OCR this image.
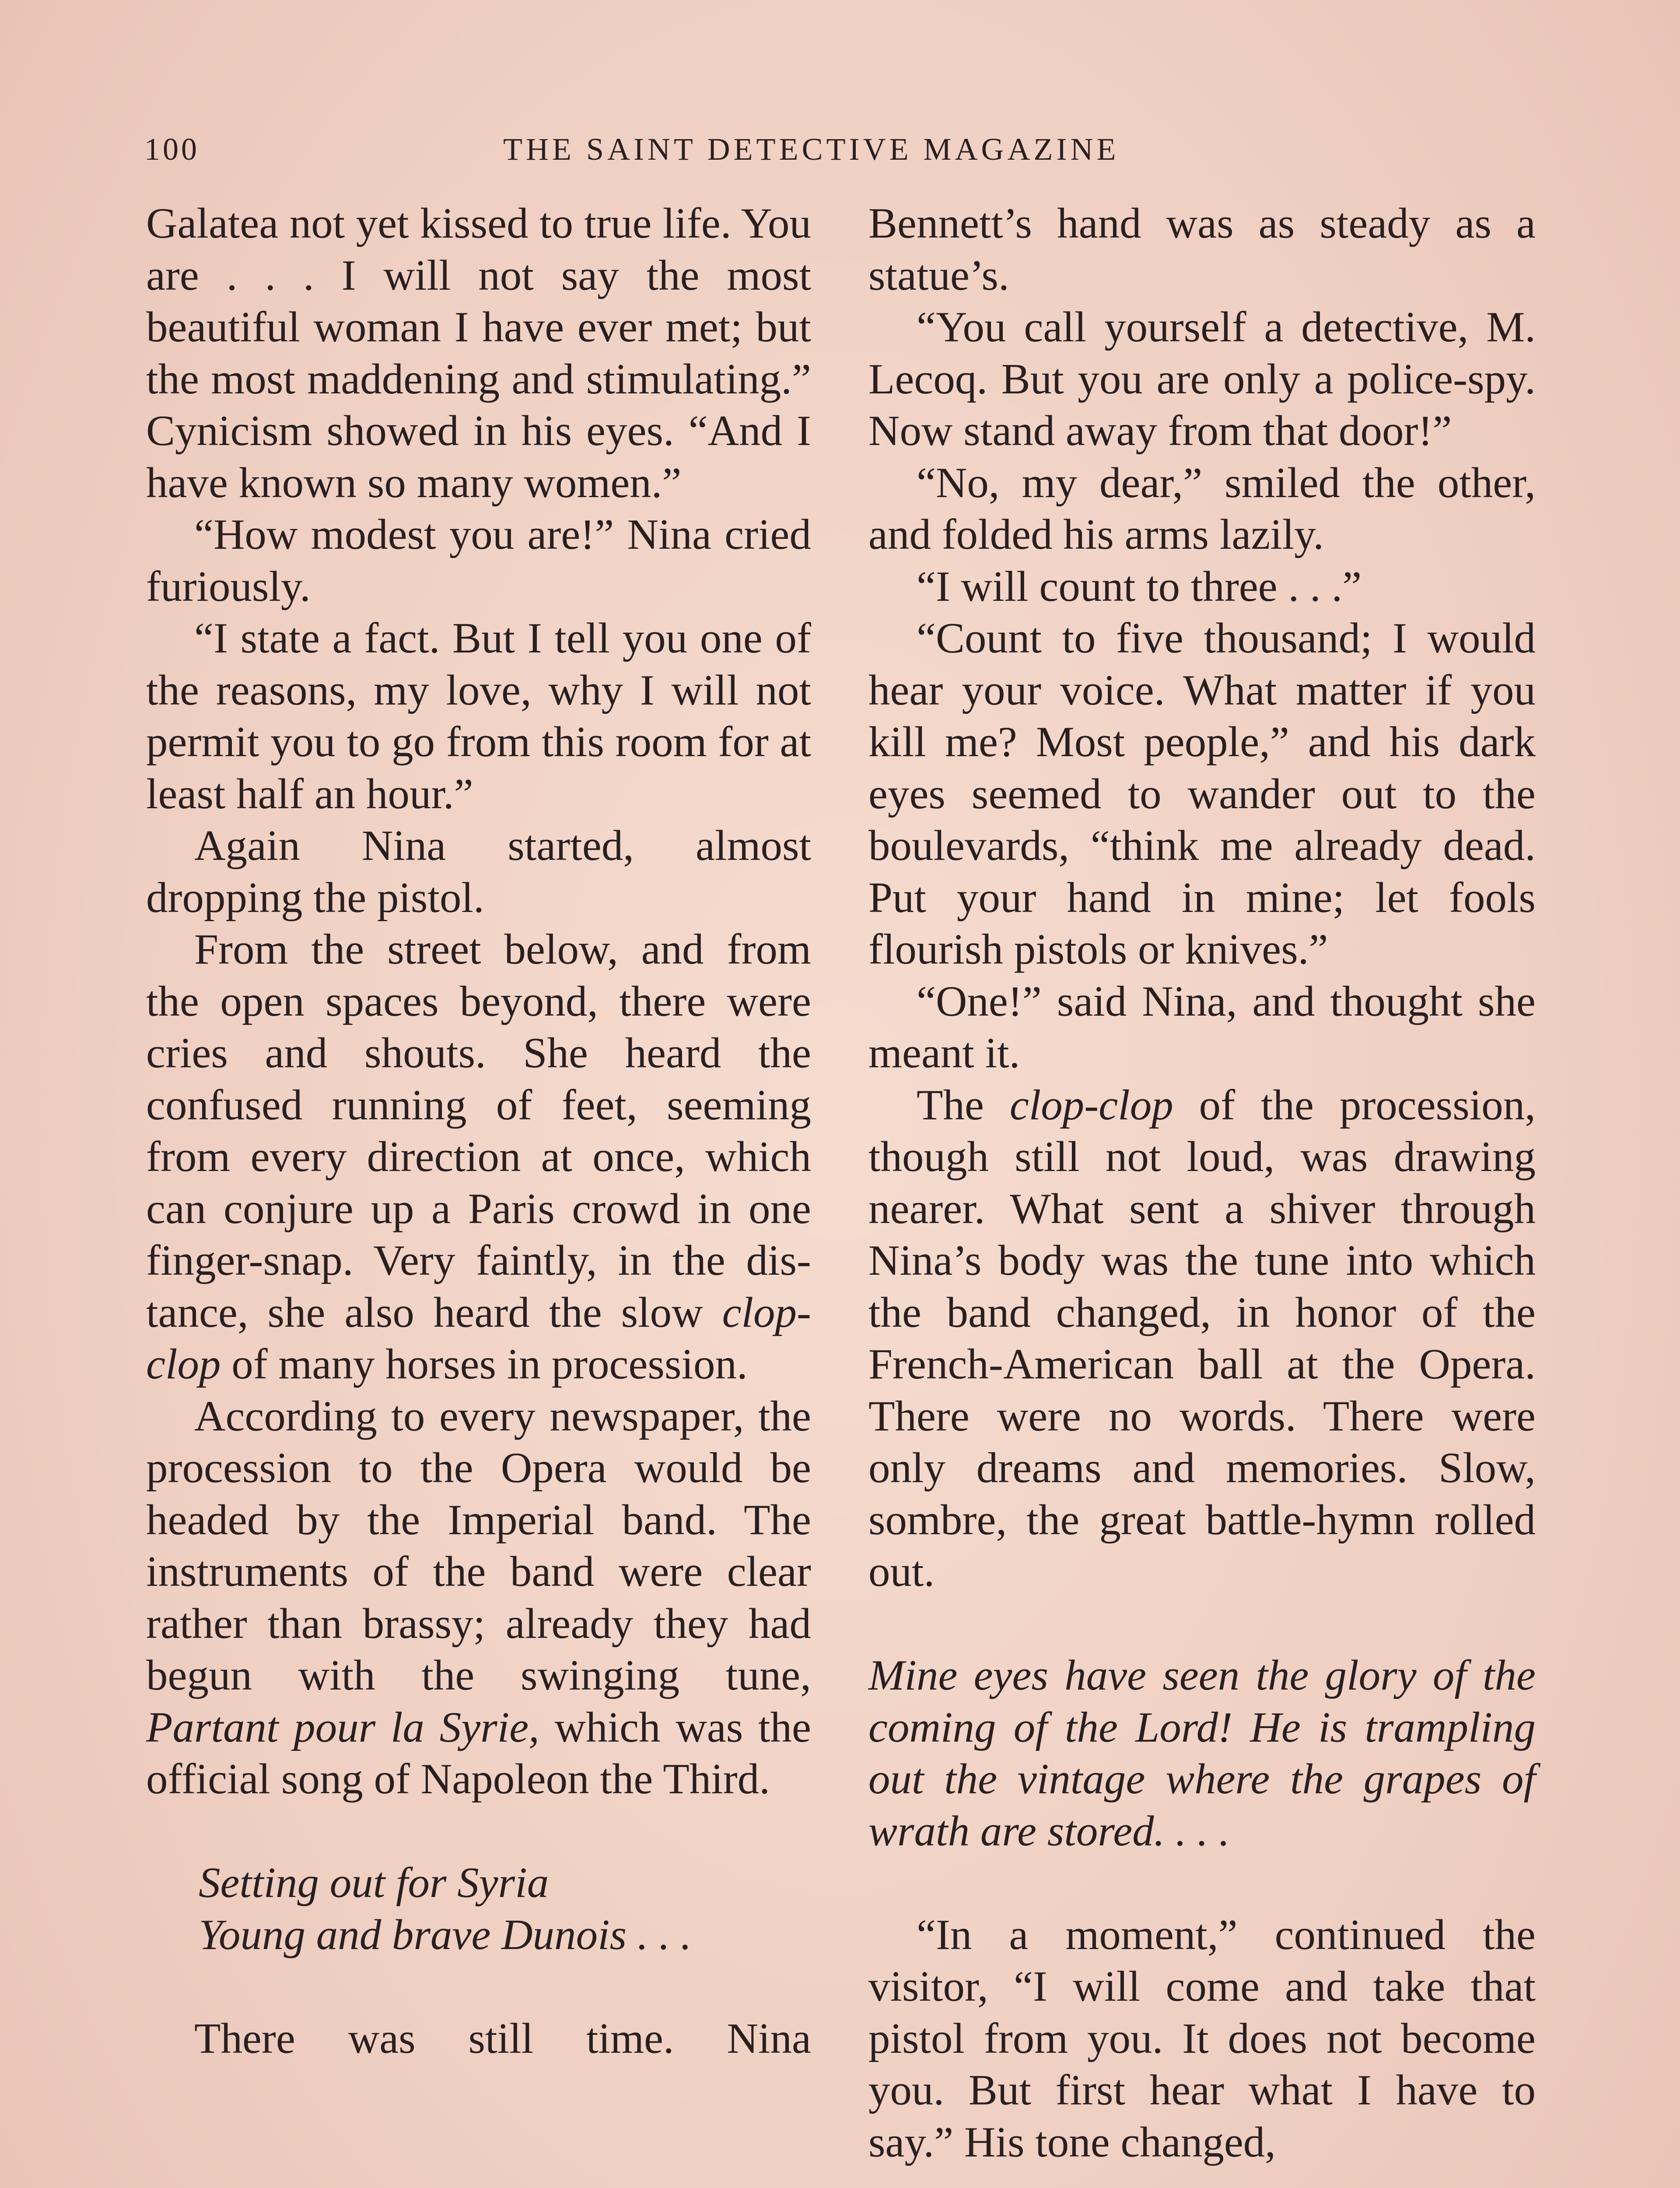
100	THE SAINT DETECTIVE MAGAZINE

Galatea not yet kissed to true life. You are . . . I will not say the most beautiful woman I have ever met; but the most maddening and stimulating.” Cynicism showed in his eyes. “And I have known so many women.”

“How modest you are!” Nina cried furiously.

“I state a fact. But I tell you one of the reasons, my love, why I will not permit you to go from this room for at least half an hour.”

Again Nina started, almost dropping the pistol.

From the street below, and from the open spaces beyond, there were cries and shouts. She heard the confused running of feet, seeming from every direction at once, which can conjure up a Paris crowd in one finger-snap. Very faintly, in the distance, she also heard the slow clop-clop of many horses in procession.

According to every newspaper, the procession to the Opera would be headed by the Imperial band. The instruments of the band were clear rather than brassy; already they had begun with the swinging tune, Partant pour la Syrie, which was the official song of Napoleon the Third.

Setting out for Syria

Young and brave Dunois . . .

There was still time. Nina

Bennett’s hand was as steady as a statue’s.

“You call yourself a detective, M. Lecoq. But you are only a police-spy. Now stand away from that door!”

“No, my dear,” smiled the other, and folded his arms lazily.

“I will count to three . . .”

“Count to five thousand; I would hear your voice. What matter if you kill me? Most people,” and his dark eyes seemed to wander out to the boulevards, “think me already dead. Put your hand in mine; let fools flourish pistols or knives.”

“One!” said Nina, and thought she meant it.

The clop-clop of the procession, though still not loud, was drawing nearer. What sent a shiver through Nina’s body was the tune into which the band changed, in honor of the French-American ball at the Opera. There were no words. There were only dreams and memories. Slow, sombre, the great battle-hymn rolled out.

Mine eyes have seen the glory of the coming of the Lord! He is trampling out the vintage where the grapes of wrath are stored. . . .

“In a moment,” continued the visitor, “I will come and take that pistol from you. It does not become you. But first hear what I have to say.” His tone changed,
